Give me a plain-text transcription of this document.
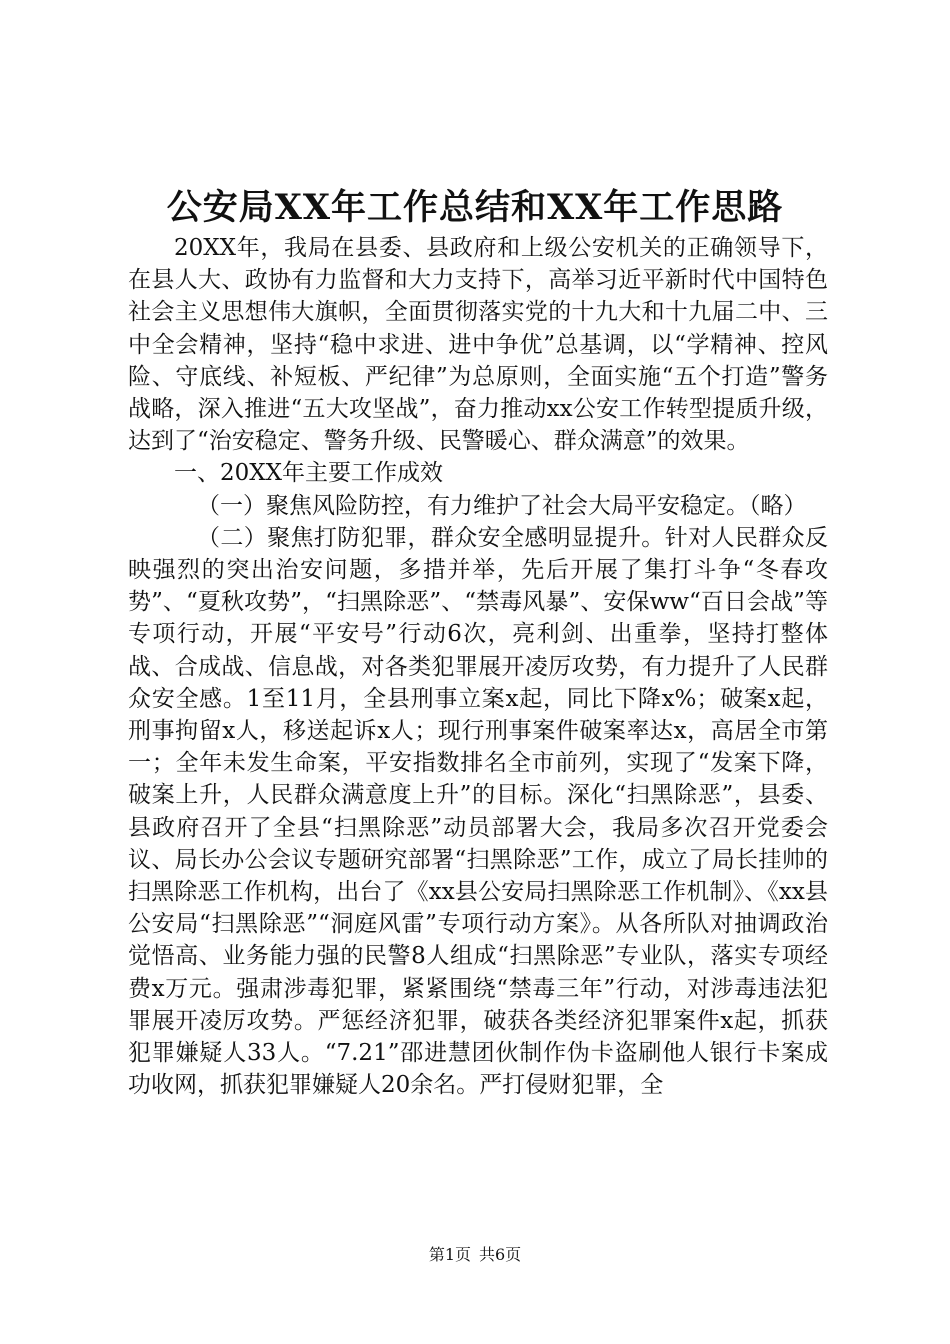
公安局XX年工作总结和XX年工作思路

20XX年，我局在县委、县政府和上级公安机关的正确领导下，在县人大、政协有力监督和大力支持下，高举习近平新时代中国特色社会主义思想伟大旗帜，全面贯彻落实党的十九大和十九届二中、三中全会精神，坚持“稳中求进、进中争优”总基调，以“学精神、控风险、守底线、补短板、严纪律”为总原则，全面实施“五个打造”警务战略，深入推进“五大攻坚战”，奋力推动xx公安工作转型提质升级，达到了“治安稳定、警务升级、民警暖心、群众满意”的效果。

一、20XX年主要工作成效

（一）聚焦风险防控，有力维护了社会大局平安稳定。（略）

（二）聚焦打防犯罪，群众安全感明显提升。针对人民群众反映强烈的突出治安问题，多措并举，先后开展了集打斗争“冬春攻势”、“夏秋攻势”，“扫黑除恶”、“禁毒风暴”、安保ww“百日会战”等专项行动，开展“平安号”行动6次，亮利剑、出重拳，坚持打整体战、合成战、信息战，对各类犯罪展开凌厉攻势，有力提升了人民群众安全感。1至11月，全县刑事立案x起，同比下降x%；破案x起，刑事拘留x人，移送起诉x人；现行刑事案件破案率达x，高居全市第一；全年未发生命案，平安指数排名全市前列，实现了“发案下降，破案上升，人民群众满意度上升”的目标。深化“扫黑除恶”，县委、县政府召开了全县“扫黑除恶”动员部署大会，我局多次召开党委会议、局长办公会议专题研究部署“扫黑除恶”工作，成立了局长挂帅的扫黑除恶工作机构，出台了《xx县公安局扫黑除恶工作机制》、《xx县公安局“扫黑除恶”“洞庭风雷”专项行动方案》。从各所队对抽调政治觉悟高、业务能力强的民警8人组成“扫黑除恶”专业队，落实专项经费x万元。强肃涉毒犯罪，紧紧围绕“禁毒三年”行动，对涉毒违法犯罪展开凌厉攻势。严惩经济犯罪，破获各类经济犯罪案件x起，抓获犯罪嫌疑人33人。“7.21”邵进慧团伙制作伪卡盗刷他人银行卡案成功收网，抓获犯罪嫌疑人20余名。严打侵财犯罪，全

第1页 共6页
